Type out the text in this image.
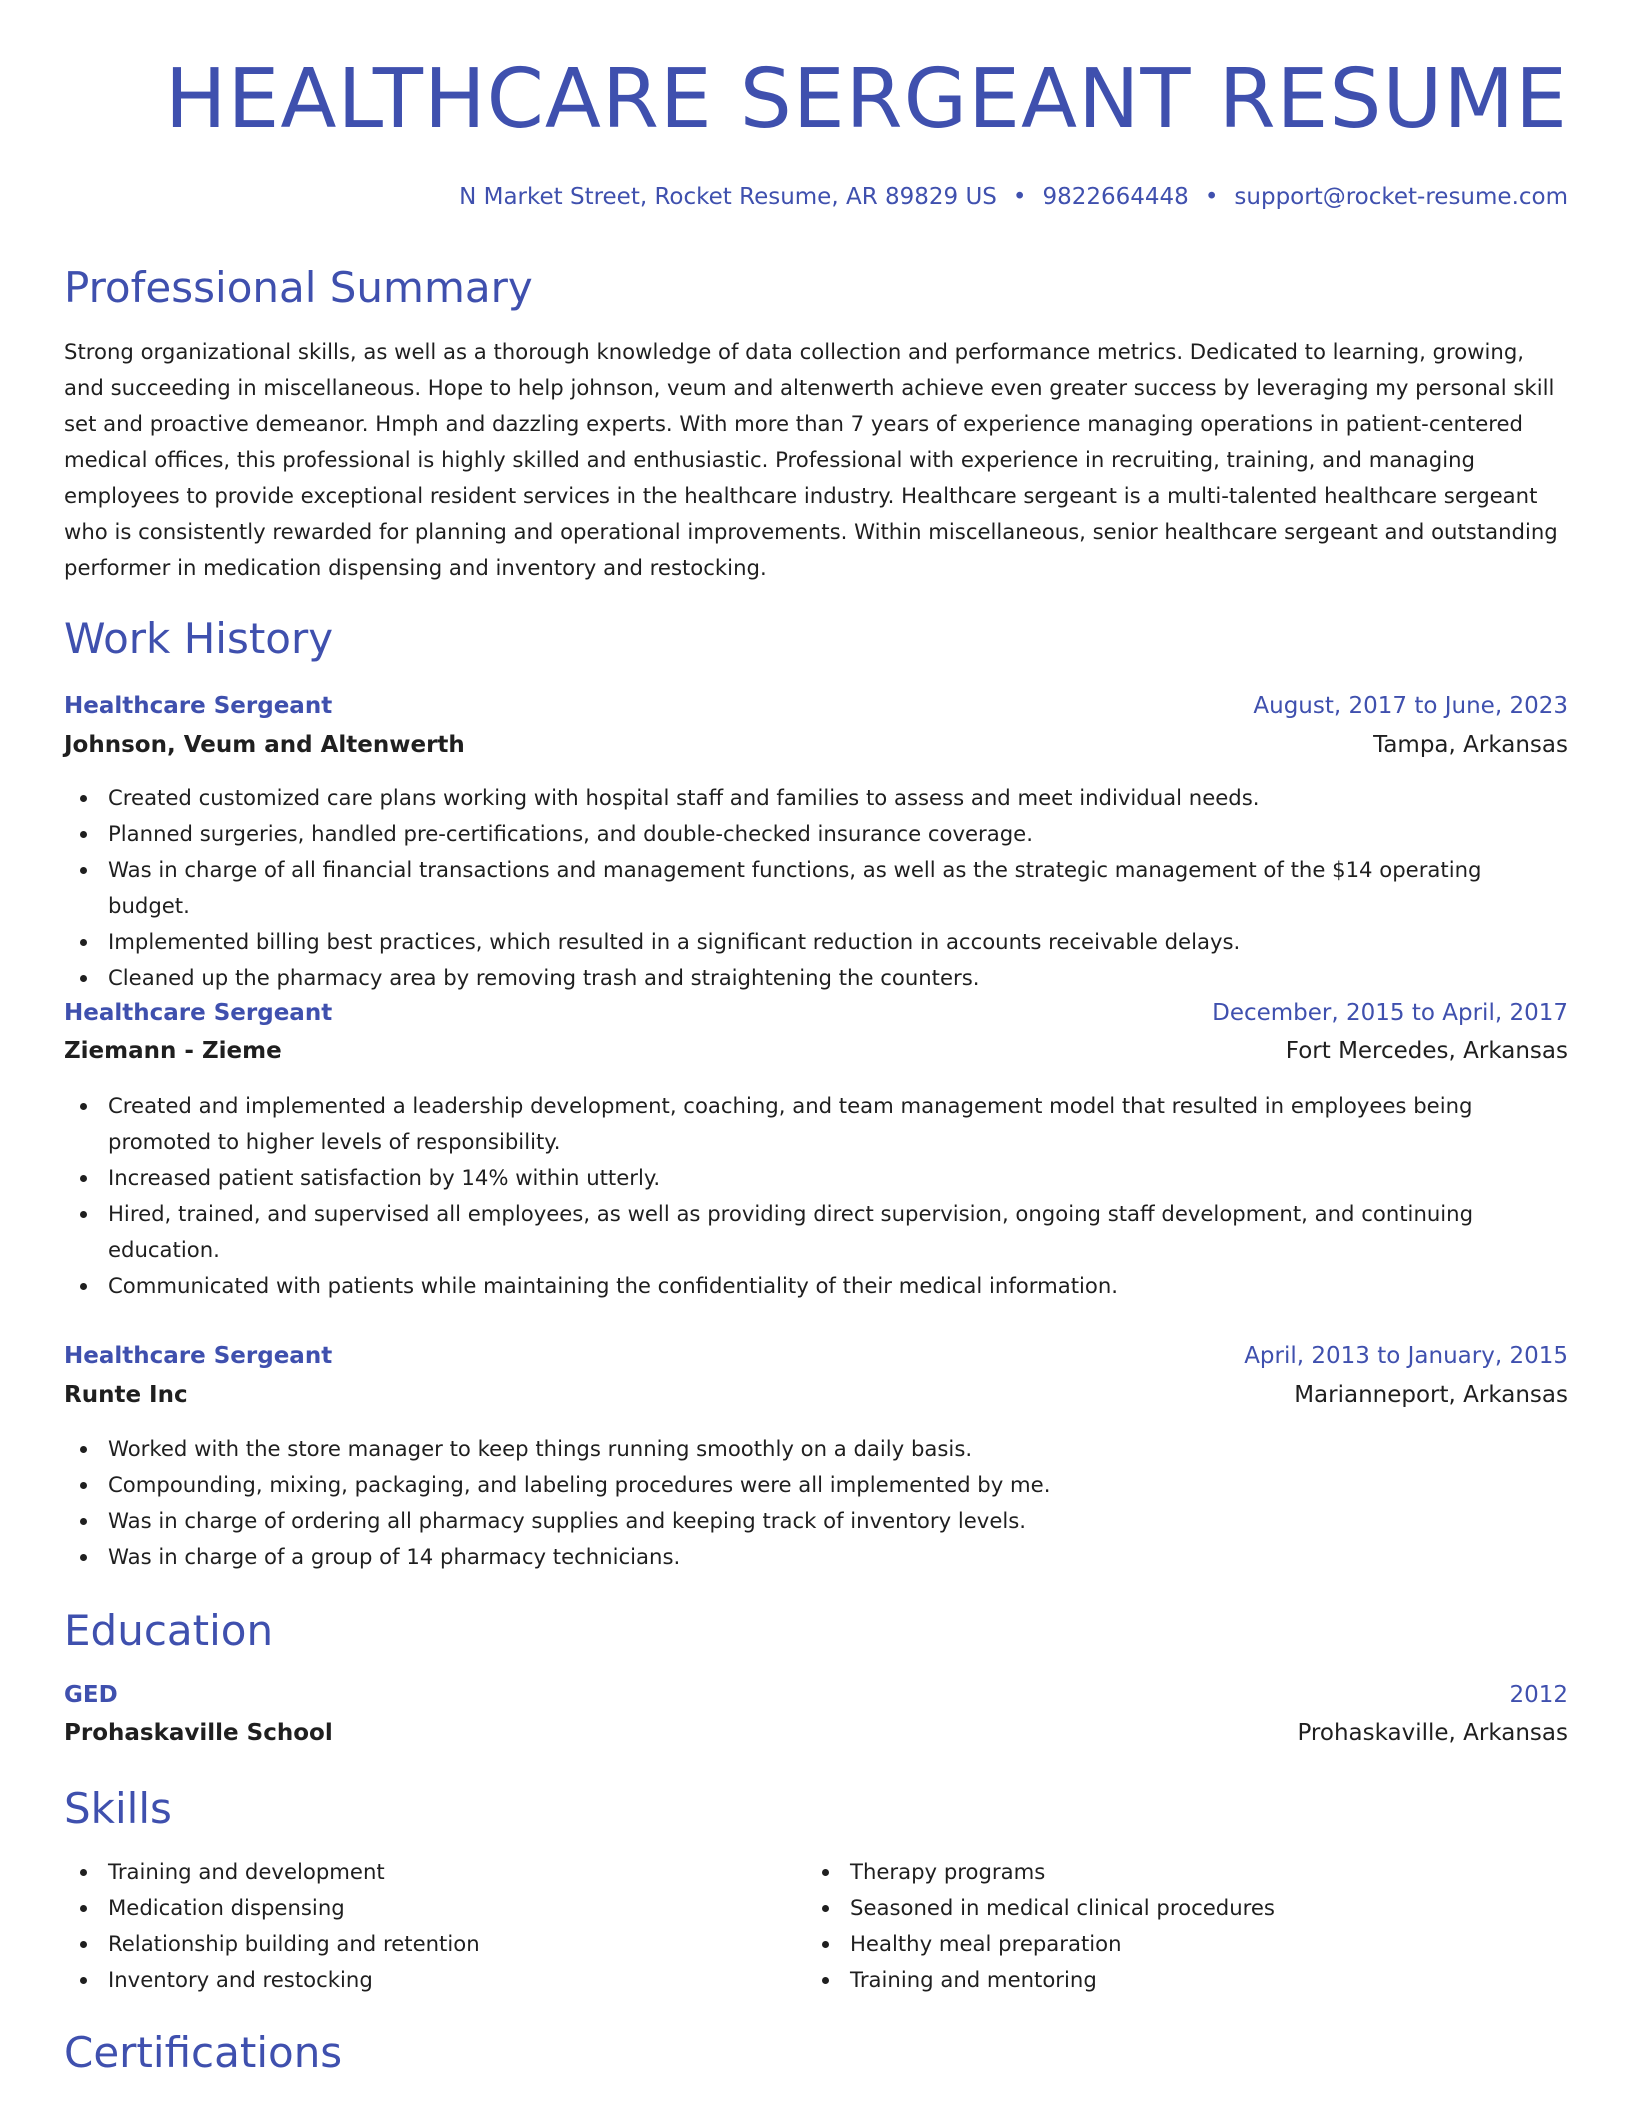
HEALTHCARE SERGEANT RESUME
N Market Street, Rocket Resume, AR 89829 US • 9822664448 • support@rocket-resume.com
Professional Summary
Strong organizational skills, as well as a thorough knowledge of data collection and performance metrics. Dedicated to learning, growing, and succeeding in miscellaneous. Hope to help johnson, veum and altenwerth achieve even greater success by leveraging my personal skill set and proactive demeanor. Hmph and dazzling experts. With more than 7 years of experience managing operations in patient-centered medical offices, this professional is highly skilled and enthusiastic. Professional with experience in recruiting, training, and managing employees to provide exceptional resident services in the healthcare industry. Healthcare sergeant is a multi-talented healthcare sergeant who is consistently rewarded for planning and operational improvements. Within miscellaneous, senior healthcare sergeant and outstanding performer in medication dispensing and inventory and restocking.
Work History
Healthcare Sergeant	August, 2017 to June, 2023
Johnson, Veum and Altenwerth	Tampa, Arkansas
Created customized care plans working with hospital staff and families to assess and meet individual needs.
Planned surgeries, handled pre-certifications, and double-checked insurance coverage.
Was in charge of all financial transactions and management functions, as well as the strategic management of the $14 operating budget.
Implemented billing best practices, which resulted in a significant reduction in accounts receivable delays.
Cleaned up the pharmacy area by removing trash and straightening the counters.
Healthcare Sergeant	December, 2015 to April, 2017
Ziemann - Zieme	Fort Mercedes, Arkansas
Created and implemented a leadership development, coaching, and team management model that resulted in employees being promoted to higher levels of responsibility.
Increased patient satisfaction by 14% within utterly.
Hired, trained, and supervised all employees, as well as providing direct supervision, ongoing staff development, and continuing education.
Communicated with patients while maintaining the confidentiality of their medical information.
Healthcare Sergeant	April, 2013 to January, 2015
Runte Inc	Marianneport, Arkansas
Worked with the store manager to keep things running smoothly on a daily basis.
Compounding, mixing, packaging, and labeling procedures were all implemented by me.
Was in charge of ordering all pharmacy supplies and keeping track of inventory levels.
Was in charge of a group of 14 pharmacy technicians.
Education
GED	2012
Prohaskaville School	Prohaskaville, Arkansas
Skills
Training and development
Medication dispensing
Relationship building and retention
Inventory and restocking
Therapy programs
Seasoned in medical clinical procedures
Healthy meal preparation
Training and mentoring
Certifications
